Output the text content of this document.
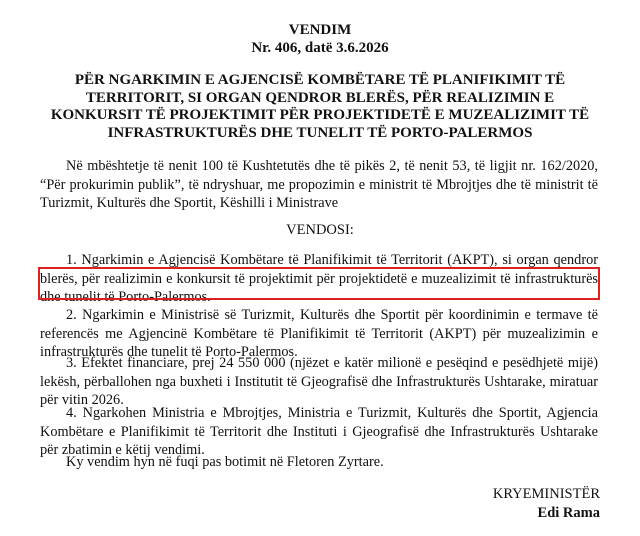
VENDIM
Nr. 406, datë 3.6.2026
PËR NGARKIMIN E AGJENCISË KOMBËTARE TË PLANIFIKIMIT TË TERRITORIT, SI ORGAN QENDROR BLERËS, PËR REALIZIMIN E KONKURSIT TË PROJEKTIMIT PËR PROJEKTIDETË E MUZEALIZIMIT TË INFRASTRUKTURËS DHE TUNELIT TË PORTO-PALERMOS
Në mbështetje të nenit 100 të Kushtetutës dhe të pikës 2, të nenit 53, të ligjit nr. 162/2020, “Për prokurimin publik”, të ndryshuar, me propozimin e ministrit të Mbrojtjes dhe të ministrit të Turizmit, Kulturës dhe Sportit, Këshilli i Ministrave
VENDOSI:
1. Ngarkimin e Agjencisë Kombëtare të Planifikimit të Territorit (AKPT), si organ qendror blerës, për realizimin e konkursit të projektimit për projektidetë e muzealizimit të infrastrukturës dhe tunelit të Porto-Palermos.
2. Ngarkimin e Ministrisë së Turizmit, Kulturës dhe Sportit për koordinimin e termave të referencës me Agjencinë Kombëtare të Planifikimit të Territorit (AKPT) për muzealizimin e infrastrukturës dhe tunelit të Porto-Palermos.
3. Efektet financiare, prej 24 550 000 (njëzet e katër milionë e pesëqind e pesëdhjetë mijë) lekësh, përballohen nga buxheti i Institutit të Gjeografisë dhe Infrastrukturës Ushtarake, miratuar për vitin 2026.
4. Ngarkohen Ministria e Mbrojtjes, Ministria e Turizmit, Kulturës dhe Sportit, Agjencia Kombëtare e Planifikimit të Territorit dhe Instituti i Gjeografisë dhe Infrastrukturës Ushtarake për zbatimin e këtij vendimi.
Ky vendim hyn në fuqi pas botimit në Fletoren Zyrtare.
KRYEMINISTËR
Edi Rama
